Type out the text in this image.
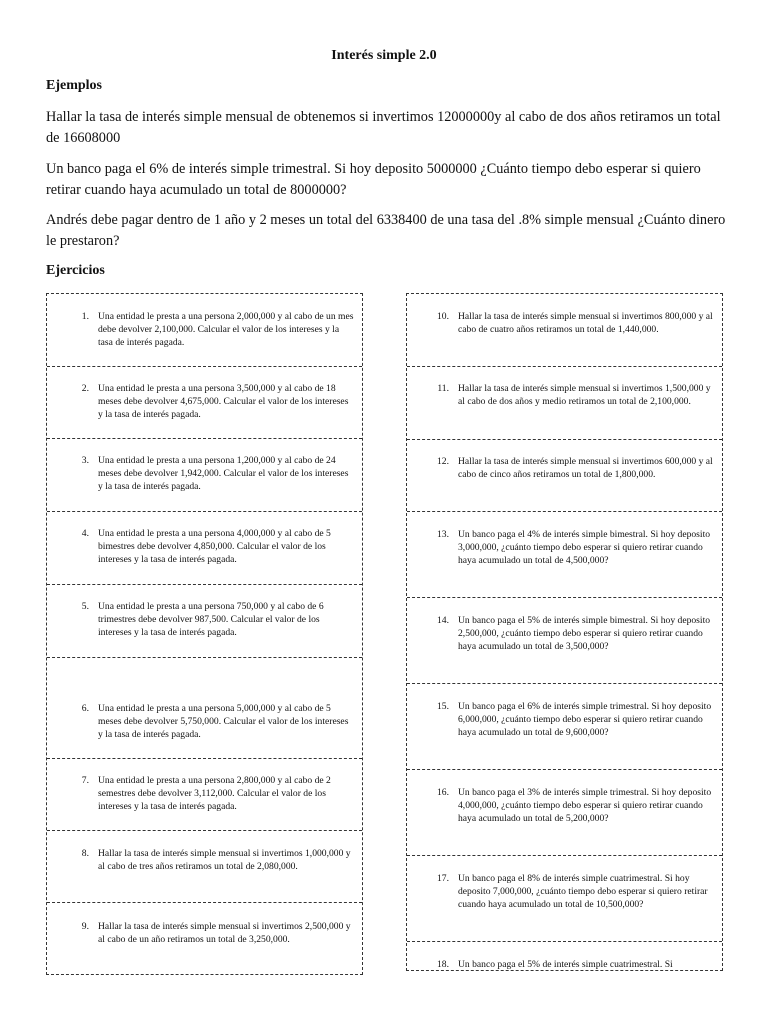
Interés simple 2.0
Ejemplos
Hallar la tasa de interés simple mensual de obtenemos si invertimos 12000000y al cabo de dos años retiramos un total de 16608000
Un banco paga el 6% de interés simple trimestral. Si hoy deposito 5000000 ¿Cuánto tiempo debo esperar si quiero retirar cuando haya acumulado un total de 8000000?
Andrés debe pagar dentro de 1 año y 2 meses un total del 6338400 de una tasa del .8% simple mensual ¿Cuánto dinero le prestaron?
Ejercicios
1. Una entidad le presta a una persona 2,000,000 y al cabo de un mes debe devolver 2,100,000. Calcular el valor de los intereses y la tasa de interés pagada.
2. Una entidad le presta a una persona 3,500,000 y al cabo de 18 meses debe devolver 4,675,000. Calcular el valor de los intereses y la tasa de interés pagada.
3. Una entidad le presta a una persona 1,200,000 y al cabo de 24 meses debe devolver 1,942,000. Calcular el valor de los intereses y la tasa de interés pagada.
4. Una entidad le presta a una persona 4,000,000 y al cabo de 5 bimestres debe devolver 4,850,000. Calcular el valor de los intereses y la tasa de interés pagada.
5. Una entidad le presta a una persona 750,000 y al cabo de 6 trimestres debe devolver 987,500. Calcular el valor de los intereses y la tasa de interés pagada.
6. Una entidad le presta a una persona 5,000,000 y al cabo de 5 meses debe devolver 5,750,000. Calcular el valor de los intereses y la tasa de interés pagada.
7. Una entidad le presta a una persona 2,800,000 y al cabo de 2 semestres debe devolver 3,112,000. Calcular el valor de los intereses y la tasa de interés pagada.
8. Hallar la tasa de interés simple mensual si invertimos 1,000,000 y al cabo de tres años retiramos un total de 2,080,000.
9. Hallar la tasa de interés simple mensual si invertimos 2,500,000 y al cabo de un año retiramos un total de 3,250,000.
10. Hallar la tasa de interés simple mensual si invertimos 800,000 y al cabo de cuatro años retiramos un total de 1,440,000.
11. Hallar la tasa de interés simple mensual si invertimos 1,500,000 y al cabo de dos años y medio retiramos un total de 2,100,000.
12. Hallar la tasa de interés simple mensual si invertimos 600,000 y al cabo de cinco años retiramos un total de 1,800,000.
13. Un banco paga el 4% de interés simple bimestral. Si hoy deposito 3,000,000, ¿cuánto tiempo debo esperar si quiero retirar cuando haya acumulado un total de 4,500,000?
14. Un banco paga el 5% de interés simple bimestral. Si hoy deposito 2,500,000, ¿cuánto tiempo debo esperar si quiero retirar cuando haya acumulado un total de 3,500,000?
15. Un banco paga el 6% de interés simple trimestral. Si hoy deposito 6,000,000, ¿cuánto tiempo debo esperar si quiero retirar cuando haya acumulado un total de 9,600,000?
16. Un banco paga el 3% de interés simple trimestral. Si hoy deposito 4,000,000, ¿cuánto tiempo debo esperar si quiero retirar cuando haya acumulado un total de 5,200,000?
17. Un banco paga el 8% de interés simple cuatrimestral. Si hoy deposito 7,000,000, ¿cuánto tiempo debo esperar si quiero retirar cuando haya acumulado un total de 10,500,000?
18. Un banco paga el 5% de interés simple cuatrimestral. Si
